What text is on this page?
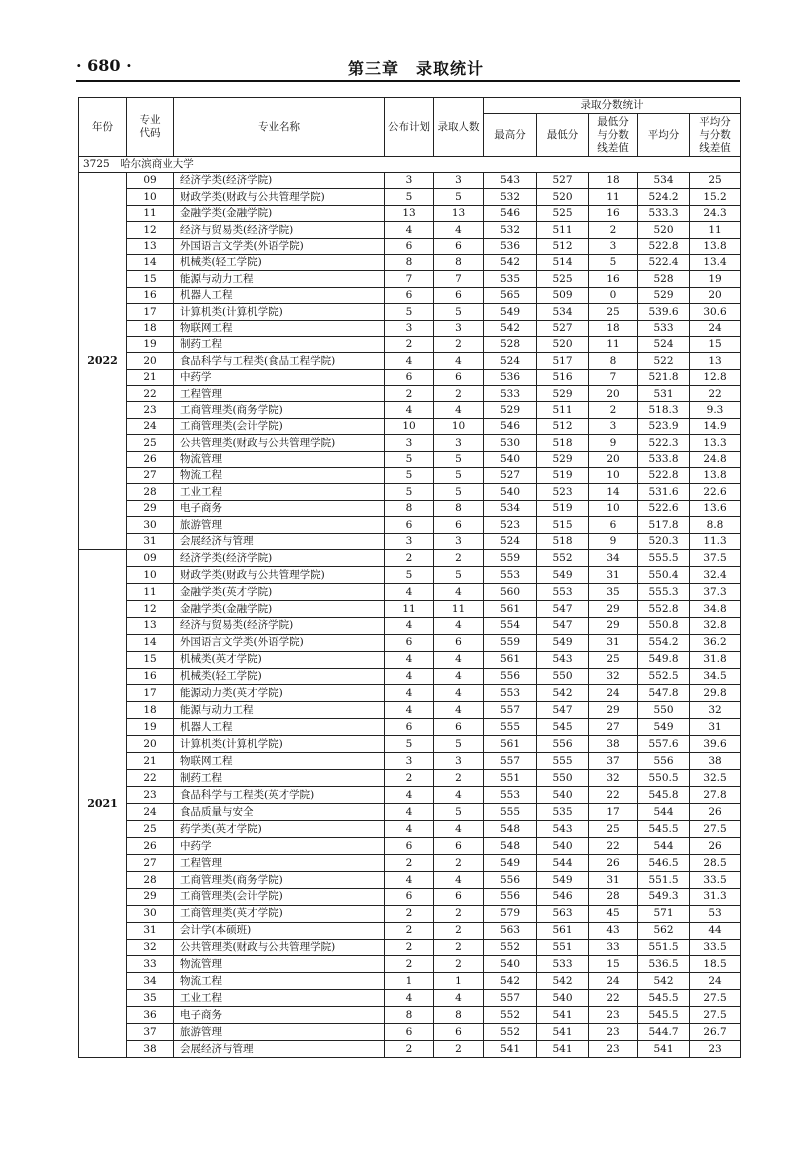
· 680 ·	第三章　录取统计
年份	专业代码	专业名称	公布计划	录取人数	录取分数统计				
					最高分	最低分	最低分与分数线差值	平均分	平均分与分数线差值
3725　哈尔滨商业大学									
2022	09	经济学类(经济学院)	3	3	543	527	18	534	25
	10	财政学类(财政与公共管理学院)	5	5	532	520	11	524.2	15.2
	11	金融学类(金融学院)	13	13	546	525	16	533.3	24.3
	12	经济与贸易类(经济学院)	4	4	532	511	2	520	11
	13	外国语言文学类(外语学院)	6	6	536	512	3	522.8	13.8
	14	机械类(轻工学院)	8	8	542	514	5	522.4	13.4
	15	能源与动力工程	7	7	535	525	16	528	19
	16	机器人工程	6	6	565	509	0	529	20
	17	计算机类(计算机学院)	5	5	549	534	25	539.6	30.6
	18	物联网工程	3	3	542	527	18	533	24
	19	制药工程	2	2	528	520	11	524	15
	20	食品科学与工程类(食品工程学院)	4	4	524	517	8	522	13
	21	中药学	6	6	536	516	7	521.8	12.8
	22	工程管理	2	2	533	529	20	531	22
	23	工商管理类(商务学院)	4	4	529	511	2	518.3	9.3
	24	工商管理类(会计学院)	10	10	546	512	3	523.9	14.9
	25	公共管理类(财政与公共管理学院)	3	3	530	518	9	522.3	13.3
	26	物流管理	5	5	540	529	20	533.8	24.8
	27	物流工程	5	5	527	519	10	522.8	13.8
	28	工业工程	5	5	540	523	14	531.6	22.6
	29	电子商务	8	8	534	519	10	522.6	13.6
	30	旅游管理	6	6	523	515	6	517.8	8.8
	31	会展经济与管理	3	3	524	518	9	520.3	11.3
2021	09	经济学类(经济学院)	2	2	559	552	34	555.5	37.5
	10	财政学类(财政与公共管理学院)	5	5	553	549	31	550.4	32.4
	11	金融学类(英才学院)	4	4	560	553	35	555.3	37.3
	12	金融学类(金融学院)	11	11	561	547	29	552.8	34.8
	13	经济与贸易类(经济学院)	4	4	554	547	29	550.8	32.8
	14	外国语言文学类(外语学院)	6	6	559	549	31	554.2	36.2
	15	机械类(英才学院)	4	4	561	543	25	549.8	31.8
	16	机械类(轻工学院)	4	4	556	550	32	552.5	34.5
	17	能源动力类(英才学院)	4	4	553	542	24	547.8	29.8
	18	能源与动力工程	4	4	557	547	29	550	32
	19	机器人工程	6	6	555	545	27	549	31
	20	计算机类(计算机学院)	5	5	561	556	38	557.6	39.6
	21	物联网工程	3	3	557	555	37	556	38
	22	制药工程	2	2	551	550	32	550.5	32.5
	23	食品科学与工程类(英才学院)	4	4	553	540	22	545.8	27.8
	24	食品质量与安全	4	5	555	535	17	544	26
	25	药学类(英才学院)	4	4	548	543	25	545.5	27.5
	26	中药学	6	6	548	540	22	544	26
	27	工程管理	2	2	549	544	26	546.5	28.5
	28	工商管理类(商务学院)	4	4	556	549	31	551.5	33.5
	29	工商管理类(会计学院)	6	6	556	546	28	549.3	31.3
	30	工商管理类(英才学院)	2	2	579	563	45	571	53
	31	会计学(本硕班)	2	2	563	561	43	562	44
	32	公共管理类(财政与公共管理学院)	2	2	552	551	33	551.5	33.5
	33	物流管理	2	2	540	533	15	536.5	18.5
	34	物流工程	1	1	542	542	24	542	24
	35	工业工程	4	4	557	540	22	545.5	27.5
	36	电子商务	8	8	552	541	23	545.5	27.5
	37	旅游管理	6	6	552	541	23	544.7	26.7
	38	会展经济与管理	2	2	541	541	23	541	23
